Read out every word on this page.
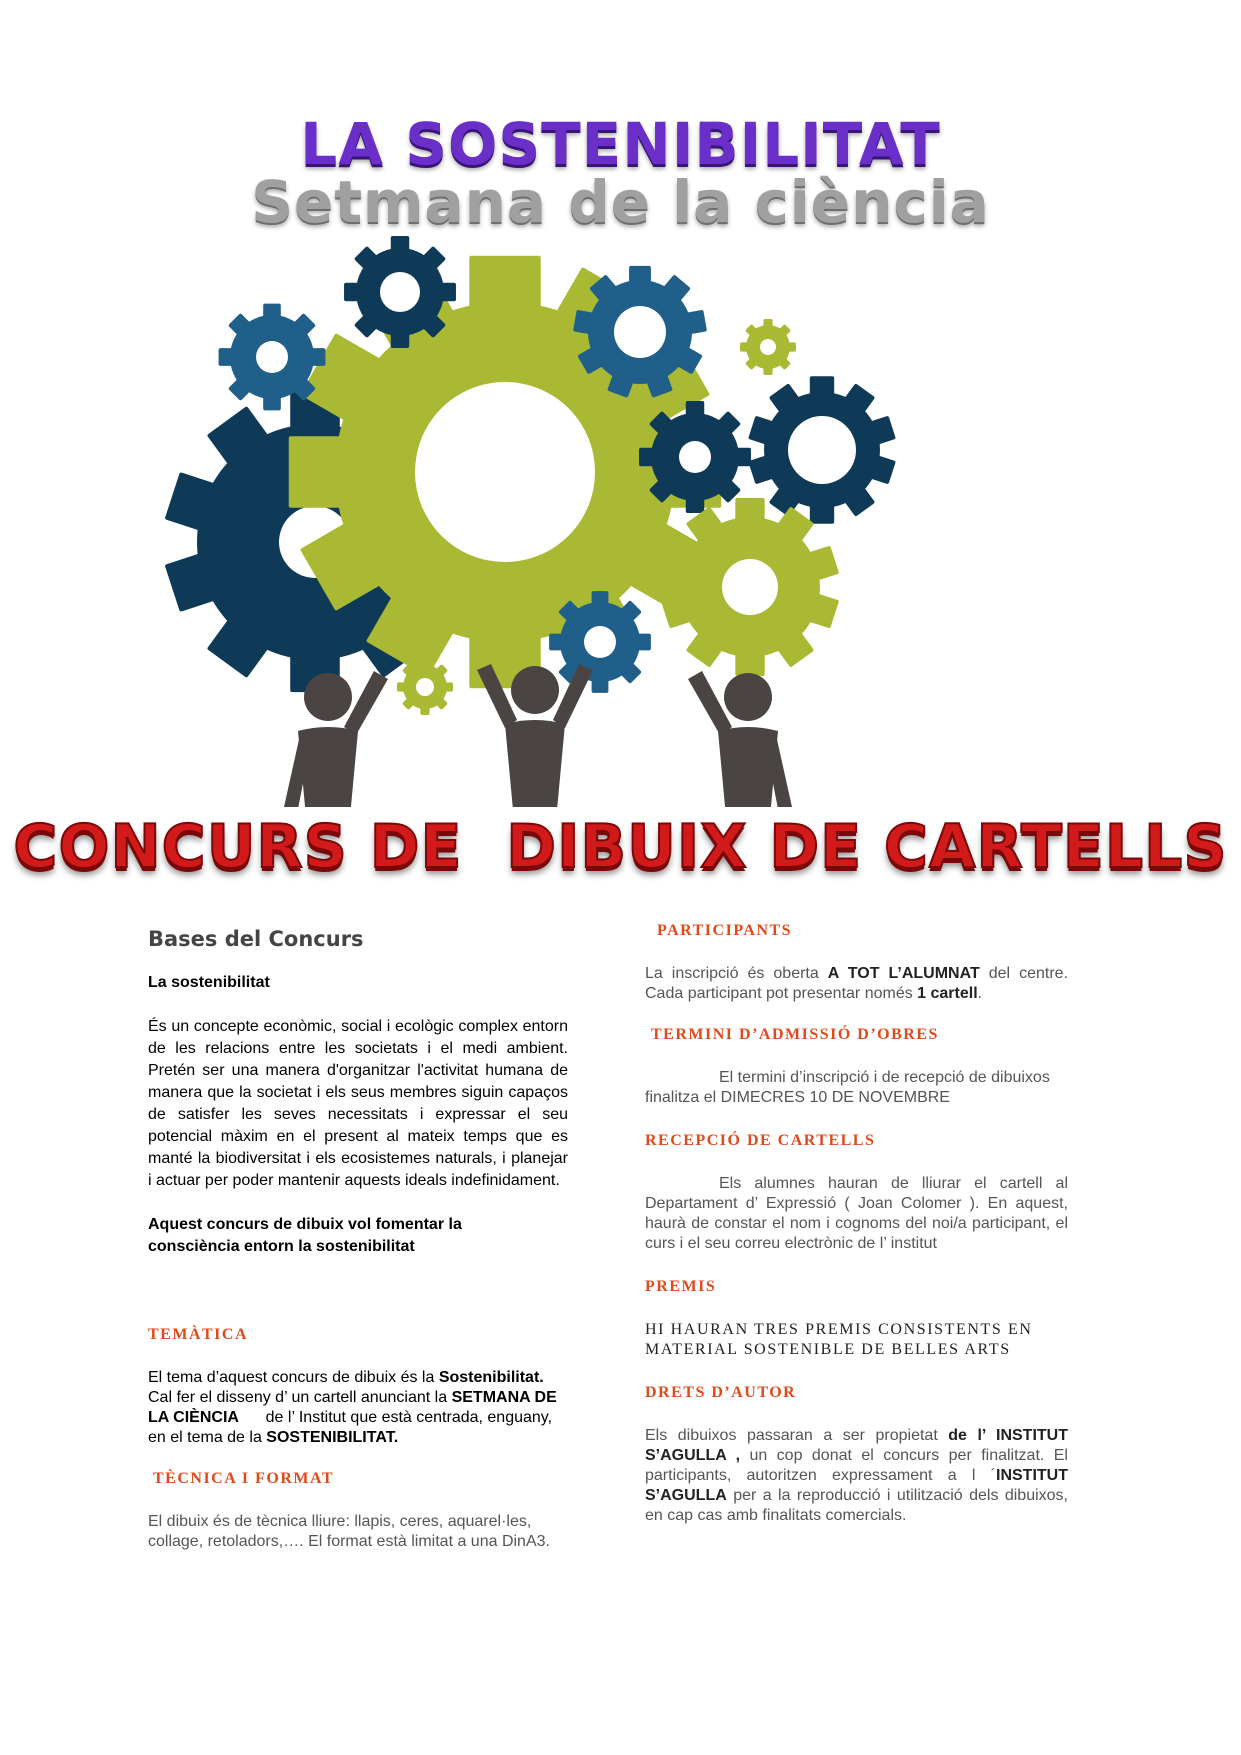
LA SOSTENIBILITAT
Setmana de la ciència
CONCURS DE  DIBUIX DE CARTELLS
Bases del Concurs

La sostenibilitat

És un concepte econòmic, social i ecològic complex entorn de les relacions entre les societats i el medi ambient. Pretén ser una manera d'organitzar l'activitat humana de manera que la societat i els seus membres siguin capaços de satisfer les seves necessitats i expressar el seu potencial màxim en el present al mateix temps que es manté la biodiversitat i els ecosistemes naturals, i planejar i actuar per poder mantenir aquests ideals indefinidament.

Aquest concurs de dibuix vol fomentar la consciència entorn la sostenibilitat

TEMÀTICA

El tema d’aquest concurs de dibuix és la Sostenibilitat. Cal fer el disseny d’ un cartell anunciant la SETMANA DE LA CIÈNCIA      de l’ Institut que està centrada, enguany, en el tema de la SOSTENIBILITAT.

TÈCNICA I FORMAT

El dibuix és de tècnica lliure: llapis, ceres, aquarel·les, collage, retoladors,…. El format està limitat a una DinA3.

PARTICIPANTS

La inscripció és oberta A TOT L’ALUMNAT del centre. Cada participant pot presentar només 1 cartell.

TERMINI D’ADMISSIÓ D’OBRES

El termini d’inscripció i de recepció de dibuixos finalitza el DIMECRES 10 DE NOVEMBRE

RECEPCIÓ DE CARTELLS

Els alumnes hauran de lliurar el cartell al Departament d’ Expressió ( Joan Colomer ). En aquest, haurà de constar el nom i cognoms del noi/a participant, el curs i el seu correu electrònic de l’ institut

PREMIS

HI HAURAN TRES PREMIS CONSISTENTS EN MATERIAL SOSTENIBLE DE BELLES ARTS

DRETS D’AUTOR

Els dibuixos passaran a ser propietat de l’ INSTITUT S’AGULLA , un cop donat el concurs per finalitzat. El participants, autoritzen expressament a l ´INSTITUT S’AGULLA per a la reproducció i utilització dels dibuixos, en cap cas amb finalitats comercials.
